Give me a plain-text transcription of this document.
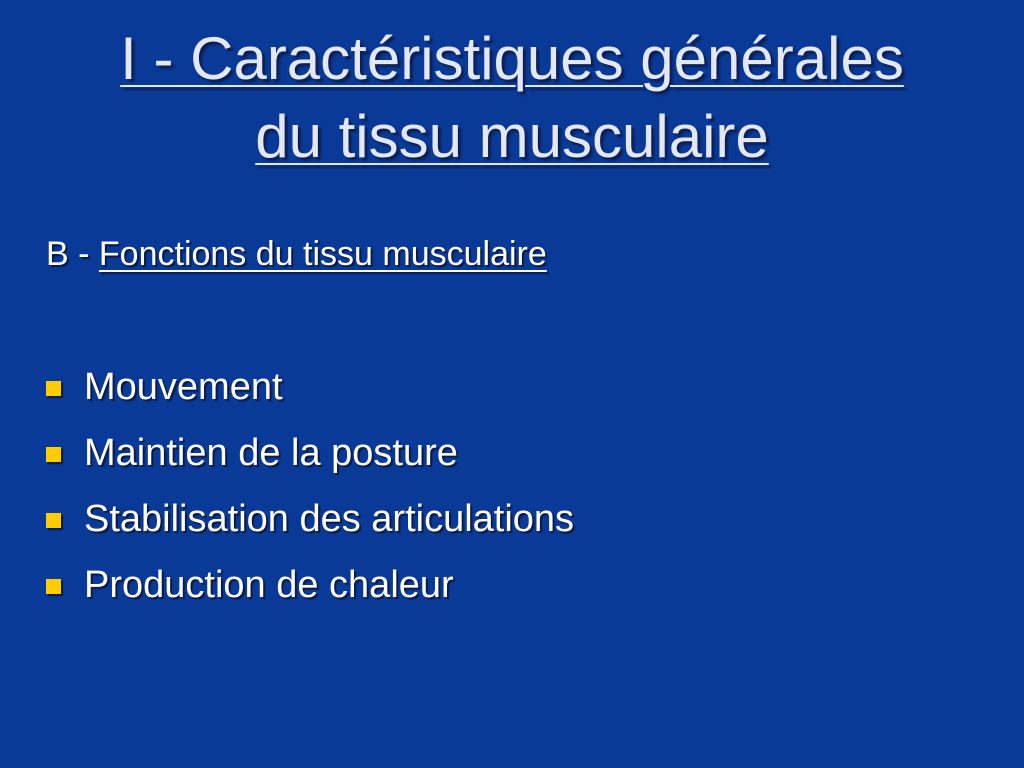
I - Caractéristiques générales
du tissu musculaire
B - Fonctions du tissu musculaire
Mouvement
Maintien de la posture
Stabilisation des articulations
Production de chaleur
